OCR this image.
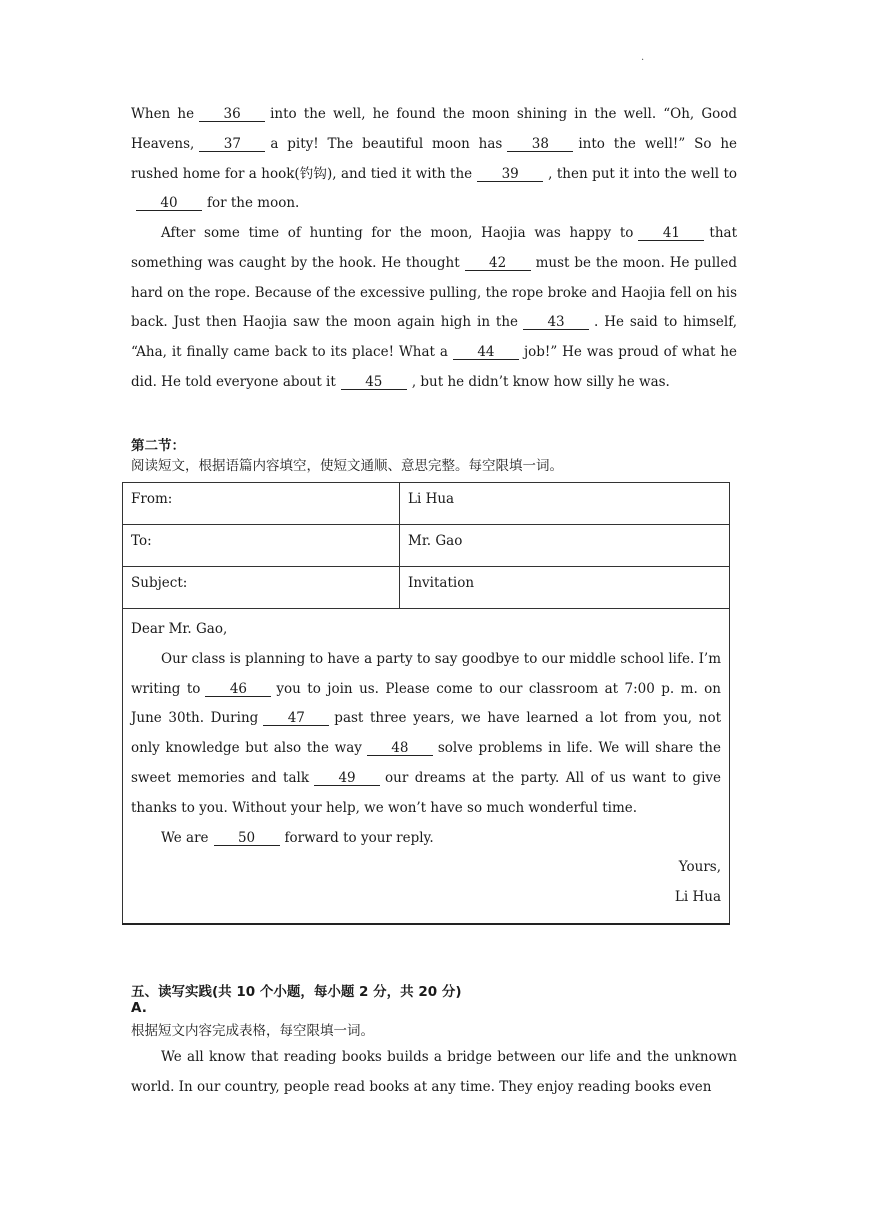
.

When he 36 into the well, he found the moon shining in the well. “Oh, Good Heavens, 37 a pity! The beautiful moon has 38 into the well!” So he rushed home for a hook(钓钩), and tied it with the 39 , then put it into the well to40 for the moon.

After some time of hunting for the moon, Haojia was happy to 41 that something was caught by the hook. He thought 42 must be the moon. He pulled hard on the rope. Because of the excessive pulling, the rope broke and Haojia fell on his back. Just then Haojia saw the moon again high in the 43 . He said to himself, “Aha, it finally came back to its place! What a 44 job!” He was proud of what he did. He told everyone about it 45 , but he didn’t know how silly he was.

第二节：

阅读短文，根据语篇内容填空，使短文通顺、意思完整。每空限填一词。

From:	Li Hua
To:	Mr. Gao
Subject:	Invitation

Dear Mr. Gao,

Our class is planning to have a party to say goodbye to our middle school life. I’m writing to 46 you to join us. Please come to our classroom at 7:00 p. m. on June 30th. During 47 past three years, we have learned a lot from you, not only knowledge but also the way 48 solve problems in life. We will share the sweet memories and talk 49 our dreams at the party. All of us want to give thanks to you. Without your help, we won’t have so much wonderful time.

We are 50 forward to your reply.

Yours,

Li Hua	

五、读写实践(共 10 个小题，每小题 2 分，共 20 分)

A.

根据短文内容完成表格，每空限填一词。

We all know that reading books builds a bridge between our life and the unknown world. In our country, people read books at any time. They enjoy reading books even
